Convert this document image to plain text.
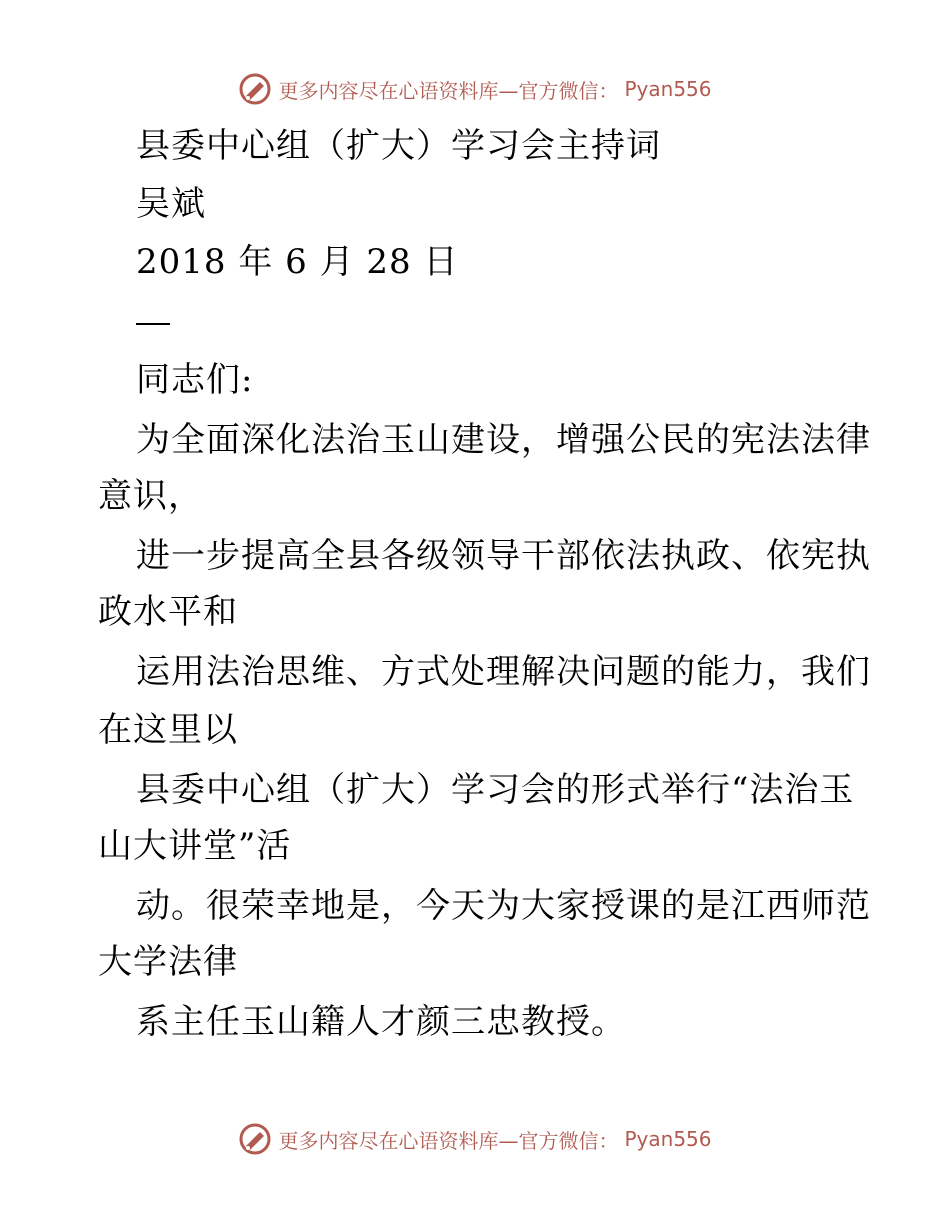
更多内容尽在心语资料库—官方微信： Pyan556
县委中心组（扩大）学习会主持词
吴斌
2018 年 6 月 28 日
同志们:
为全面深化法治玉山建设，增强公民的宪法法律
意识，
进一步提高全县各级领导干部依法执政、依宪执
政水平和
运用法治思维、方式处理解决问题的能力，我们
在这里以
县委中心组（扩大）学习会的形式举行“法治玉
山大讲堂”活
动。很荣幸地是，今天为大家授课的是江西师范
大学法律
系主任玉山籍人才颜三忠教授。
更多内容尽在心语资料库—官方微信： Pyan556
